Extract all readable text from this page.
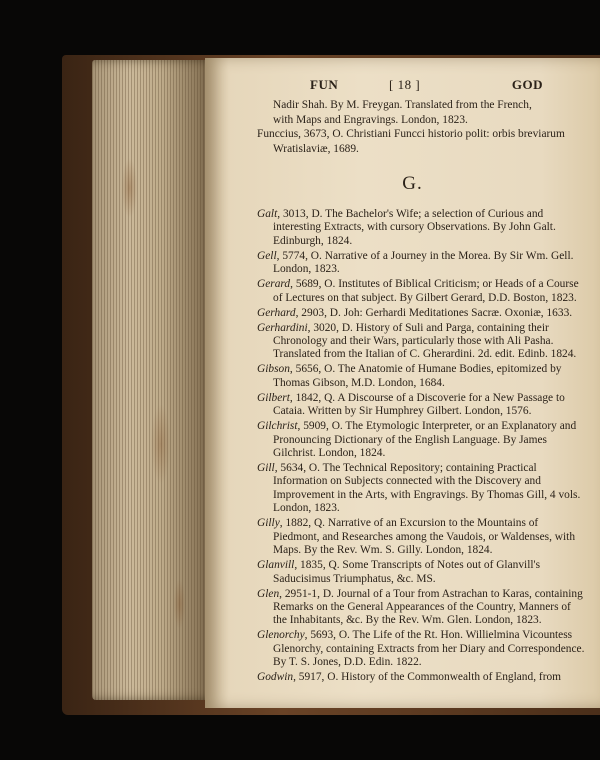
FUN	[ 18 ]	GOD

Nadir Shah. By M. Freygan. Translated from the French,

with Maps and Engravings. London, 1823.

Funccius, 3673, O. Christiani Funcci historio polit: orbis breviarum Wratislaviæ, 1689.

G.

Galt, 3013, D. The Bachelor's Wife; a selection of Curious and interesting Extracts, with cursory Observations. By John Galt. Edinburgh, 1824.

Gell, 5774, O. Narrative of a Journey in the Morea. By Sir Wm. Gell. London, 1823.

Gerard, 5689, O. Institutes of Biblical Criticism; or Heads of a Course of Lectures on that subject. By Gilbert Gerard, D.D. Boston, 1823.

Gerhard, 2903, D. Joh: Gerhardi Meditationes Sacræ. Oxoniæ, 1633.

Gerhardini, 3020, D. History of Suli and Parga, containing their Chronology and their Wars, particularly those with Ali Pasha. Translated from the Italian of C. Gherardini. 2d. edit. Edinb. 1824.

Gibson, 5656, O. The Anatomie of Humane Bodies, epitomized by Thomas Gibson, M.D. London, 1684.

Gilbert, 1842, Q. A Discourse of a Discoverie for a New Passage to Cataia. Written by Sir Humphrey Gilbert. London, 1576.

Gilchrist, 5909, O. The Etymologic Interpreter, or an Explanatory and Pronouncing Dictionary of the English Language. By James Gilchrist. London, 1824.

Gill, 5634, O. The Technical Repository; containing Practical Information on Subjects connected with the Discovery and Improvement in the Arts, with Engravings. By Thomas Gill, 4 vols. London, 1823.

Gilly, 1882, Q. Narrative of an Excursion to the Mountains of Piedmont, and Researches among the Vaudois, or Waldenses, with Maps. By the Rev. Wm. S. Gilly. London, 1824.

Glanvill, 1835, Q. Some Transcripts of Notes out of Glanvill's Saducisimus Triumphatus, &c. MS.

Glen, 2951-1, D. Journal of a Tour from Astrachan to Karas, containing Remarks on the General Appearances of the Country, Manners of the Inhabitants, &c. By the Rev. Wm. Glen. London, 1823.

Glenorchy, 5693, O. The Life of the Rt. Hon. Willielmina Vicountess Glenorchy, containing Extracts from her Diary and Correspondence. By T. S. Jones, D.D. Edin. 1822.

Godwin, 5917, O. History of the Commonwealth of England, from
